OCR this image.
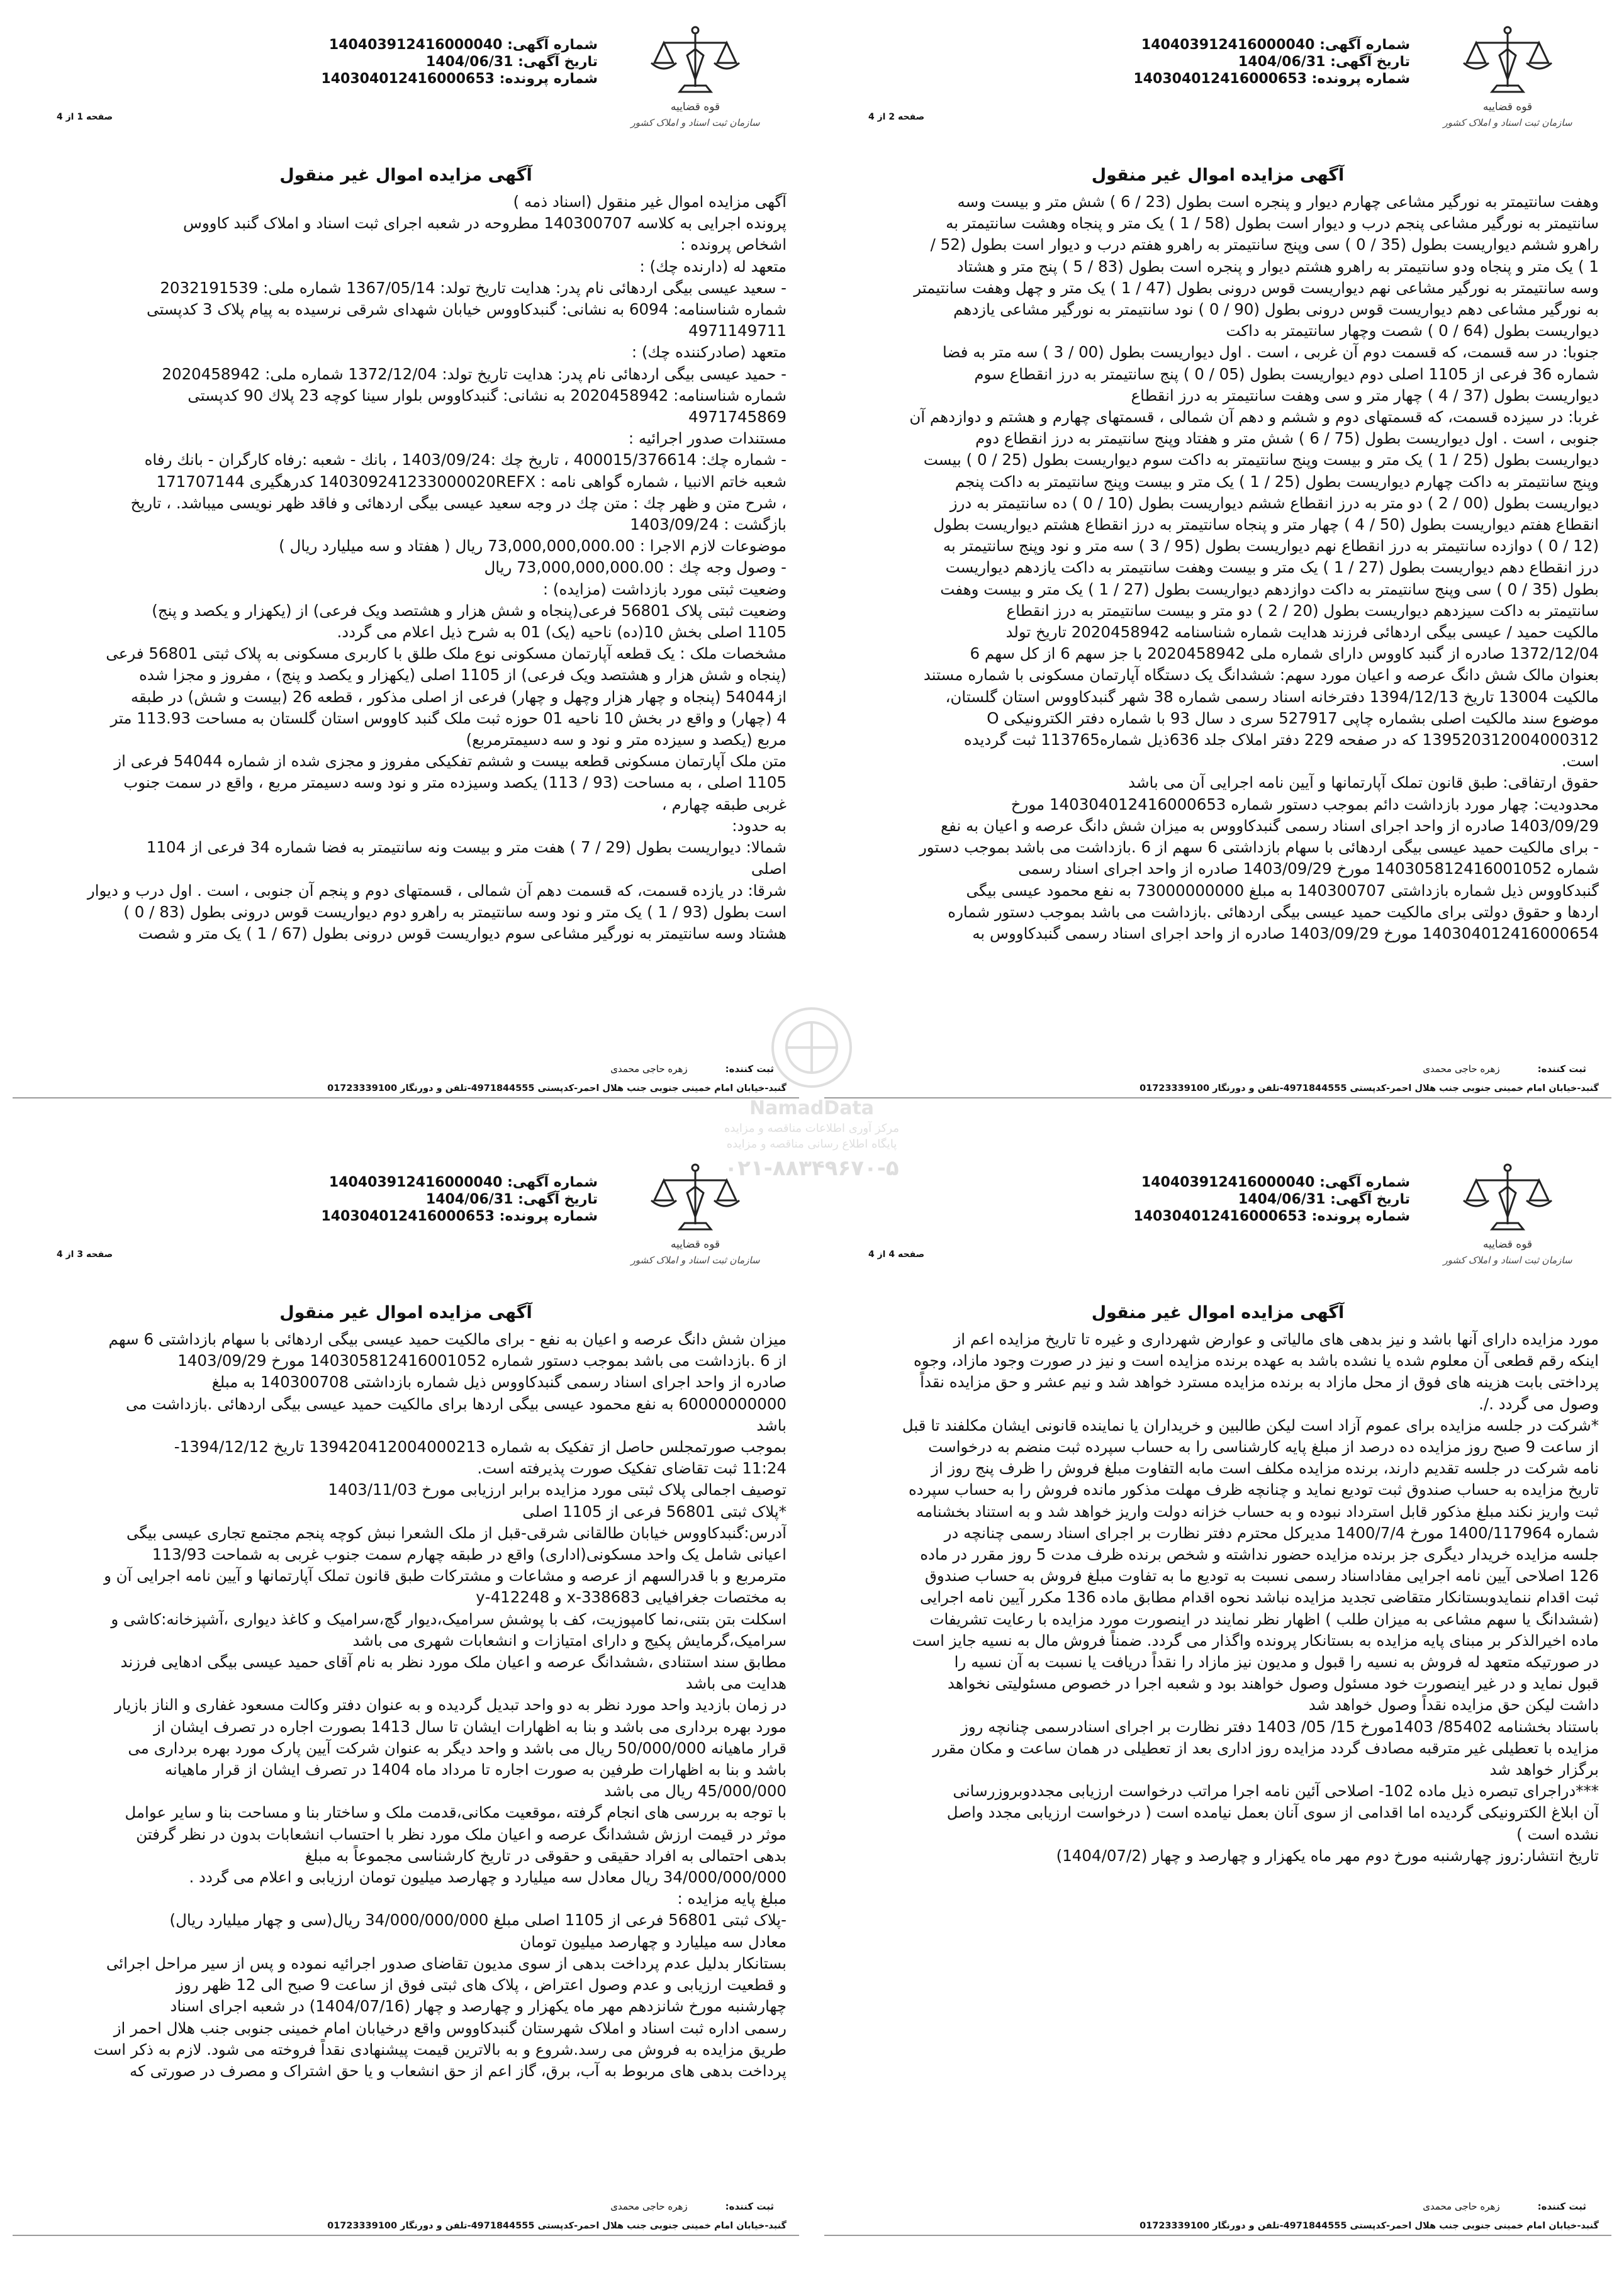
قوه قضاییه
سازمان ثبت اسناد و املاک کشور
شماره آگهی: 140403912416000040
تاریخ آگهی: 1404/06/31
شماره پرونده: 140304012416000653
صفحه 1 از 4
آگهی مزایده اموال غیر منقول
آگهی مزایده اموال غیر منقول (اسناد ذمه )
پرونده اجرایی به کلاسه 140300707 مطروحه در شعبه اجرای ثبت اسناد و املاک گنبد کاووس
اشخاص پرونده :
متعهد له (دارنده چك) :
- سعید عیسی بیگی اردهائی نام پدر: هدایت تاریخ تولد: 1367/05/14 شماره ملی: 2032191539
شماره شناسنامه: 6094 به نشانی: گنبدکاووس خیابان شهدای شرقی نرسیده به پیام پلاک 3 کدپستی
4971149711
متعهد (صادرکننده چك) :
- حمید عیسی بیگی اردهائی نام پدر: هدایت تاریخ تولد: 1372/12/04 شماره ملی: 2020458942
شماره شناسنامه: 2020458942 به نشانی: گنبدکاووس بلوار سینا کوچه 23 پلاك 90 کدپستی
4971745869
مستندات صدور اجرائیه :
- شماره چك: 400015/376614 ، تاریخ چك :1403/09/24 ، بانك - شعبه :رفاه کارگران - بانك رفاه
شعبه خاتم الانبیا ، شماره گواهی نامه : 140309241233000020REFX کدرهگیری 171707144
، شرح متن و ظهر چك : متن چك در وجه سعید عیسی بیگی اردهائی و فاقد ظهر نویسی میباشد. ، تاریخ
بازگشت : 1403/09/24
موضوعات لازم الاجرا : 73,000,000,000.00 ریال ( هفتاد و سه میلیارد ریال )
- وصول وجه چك : 73,000,000,000.00 ریال
وضعیت ثبتی مورد بازداشت (مزایده) :
وضعیت ثبتی پلاک 56801 فرعی(پنجاه و شش هزار و هشتصد ویک فرعی) از (یکهزار و یکصد و پنج)
1105 اصلی بخش 10(ده) ناحیه (یک) 01 به شرح ذیل اعلام می گردد.
مشخصات ملک : یک قطعه آپارتمان مسکونی نوع ملک طلق با کاربری مسکونی به پلاک ثبتی 56801 فرعی
(پنجاه و شش هزار و هشتصد ویک فرعی) از 1105 اصلی (یکهزار و یکصد و پنج) ، مفروز و مجزا شده
از54044 (پنجاه و چهار هزار وچهل و چهار) فرعی از اصلی مذکور ، قطعه 26 (بیست و شش) در طبقه
4 (چهار) و واقع در بخش 10 ناحیه 01 حوزه ثبت ملک گنبد کاووس استان گلستان به مساحت 113.93 متر
مربع (یکصد و سیزده متر و نود و سه دسیمترمربع)
متن ملک آپارتمان مسکونی قطعه بیست و ششم تفکیکی مفروز و مجزی شده از شماره 54044 فرعی از
1105 اصلی ، به مساحت (93 / 113) یکصد وسیزده متر و نود وسه دسیمتر مربع ، واقع در سمت جنوب
غربی طبقه چهارم ،
به حدود:
شمالا: دیواریست بطول (29 / 7 ) هفت متر و بیست ونه سانتیمتر به فضا شماره 34 فرعی از 1104
اصلی
شرقا: در یازده قسمت، که قسمت دهم آن شمالی ، قسمتهای دوم و پنجم آن جنوبی ، است . اول درب و دیوار
است بطول (93 / 1 ) یک متر و نود وسه سانتیمتر به راهرو دوم دیواریست قوس درونی بطول (83 / 0 )
هشتاد وسه سانتیمتر به نورگیر مشاعی سوم دیواریست قوس درونی بطول (67 / 1 ) یک متر و شصت
ثبت کننده:زهره حاجی محمدی
گنبد-خیابان امام خمینی جنوبی جنب هلال احمر-کدپستی 4971844555-تلفن و دورنگار 01723339100
قوه قضاییه
سازمان ثبت اسناد و املاک کشور
شماره آگهی: 140403912416000040
تاریخ آگهی: 1404/06/31
شماره پرونده: 140304012416000653
صفحه 2 از 4
آگهی مزایده اموال غیر منقول
وهفت سانتیمتر به نورگیر مشاعی چهارم دیوار و پنجره است بطول (23 / 6 ) شش متر و بیست وسه
سانتیمتر به نورگیر مشاعی پنجم درب و دیوار است بطول (58 / 1 ) یک متر و پنجاه وهشت سانتیمتر به
راهرو ششم دیواریست بطول (35 / 0 ) سی وپنج سانتیمتر به راهرو هفتم درب و دیوار است بطول (52 /
1 ) یک متر و پنجاه ودو سانتیمتر به راهرو هشتم دیوار و پنجره است بطول (83 / 5 ) پنج متر و هشتاد
وسه سانتیمتر به نورگیر مشاعی نهم دیواریست قوس درونی بطول (47 / 1 ) یک متر و چهل وهفت سانتیمتر
به نورگیر مشاعی دهم دیواریست قوس درونی بطول (90 / 0 ) نود سانتیمتر به نورگیر مشاعی یازدهم
دیواریست بطول (64 / 0 ) شصت وچهار سانتیمتر به داکت
جنوبا: در سه قسمت، که قسمت دوم آن غربی ، است . اول دیواریست بطول (00 / 3 ) سه متر به فضا
شماره 36 فرعی از 1105 اصلی دوم دیواریست بطول (05 / 0 ) پنج سانتیمتر به درز انقطاع سوم
دیواریست بطول (37 / 4 ) چهار متر و سی وهفت سانتیمتر به درز انقطاع
غربا: در سیزده قسمت، که قسمتهای دوم و ششم و دهم آن شمالی ، قسمتهای چهارم و هشتم و دوازدهم آن
جنوبی ، است . اول دیواریست بطول (75 / 6 ) شش متر و هفتاد وپنج سانتیمتر به درز انقطاع دوم
دیواریست بطول (25 / 1 ) یک متر و بیست وپنج سانتیمتر به داکت سوم دیواریست بطول (25 / 0 ) بیست
وپنج سانتیمتر به داکت چهارم دیواریست بطول (25 / 1 ) یک متر و بیست وپنج سانتیمتر به داکت پنجم
دیواریست بطول (00 / 2 ) دو متر به درز انقطاع ششم دیواریست بطول (10 / 0 ) ده سانتیمتر به درز
انقطاع هفتم دیواریست بطول (50 / 4 ) چهار متر و پنجاه سانتیمتر به درز انقطاع هشتم دیواریست بطول
(12 / 0 ) دوازده سانتیمتر به درز انقطاع نهم دیواریست بطول (95 / 3 ) سه متر و نود وپنج سانتیمتر به
درز انقطاع دهم دیواریست بطول (27 / 1 ) یک متر و بیست وهفت سانتیمتر به داکت یازدهم دیواریست
بطول (35 / 0 ) سی وپنج سانتیمتر به داکت دوازدهم دیواریست بطول (27 / 1 ) یک متر و بیست وهفت
سانتیمتر به داکت سیزدهم دیواریست بطول (20 / 2 ) دو متر و بیست سانتیمتر به درز انقطاع
مالکیت حمید / عیسی بیگی اردهائی فرزند هدایت شماره شناسنامه 2020458942 تاریخ تولد
1372/12/04 صادره از گنبد کاووس دارای شماره ملی 2020458942 با جز سهم 6 از کل سهم 6
بعنوان مالک شش دانگ عرصه و اعیان مورد سهم: ششدانگ یک دستگاه آپارتمان مسکونی با شماره مستند
مالکیت 13004 تاریخ 1394/12/13 دفترخانه اسناد رسمی شماره 38 شهر گنبدکاووس استان گلستان،
موضوع سند مالکیت اصلی بشماره چاپی 527917 سری د سال 93 با شماره دفتر الکترونیکی O
139520312004000312 که در صفحه 229 دفتر املاک جلد 636ذیل شماره113765 ثبت گردیده
است.
حقوق ارتفاقی: طبق قانون تملک آپارتمانها و آیین نامه اجرایی آن می باشد
محدودیت: چهار مورد بازداشت دائم بموجب دستور شماره 140304012416000653 مورخ
1403/09/29 صادره از واحد اجرای اسناد رسمی گنبدکاووس به میزان شش دانگ عرصه و اعیان به نفع
- برای مالکیت حمید عیسی بیگی اردهائی با سهام بازداشتی 6 سهم از 6 .بازداشت می باشد بموجب دستور
شماره 140305812416001052 مورخ 1403/09/29 صادره از واحد اجرای اسناد رسمی
گنبدکاووس ذیل شماره بازداشتی 140300707 به مبلغ 73000000000 به نفع محمود عیسی بیگی
اردها و حقوق دولتی برای مالکیت حمید عیسی بیگی اردهائی .بازداشت می باشد بموجب دستور شماره
140304012416000654 مورخ 1403/09/29 صادره از واحد اجرای اسناد رسمی گنبدکاووس به
ثبت کننده:زهره حاجی محمدی
گنبد-خیابان امام خمینی جنوبی جنب هلال احمر-کدپستی 4971844555-تلفن و دورنگار 01723339100
قوه قضاییه
سازمان ثبت اسناد و املاک کشور
شماره آگهی: 140403912416000040
تاریخ آگهی: 1404/06/31
شماره پرونده: 140304012416000653
صفحه 3 از 4
آگهی مزایده اموال غیر منقول
میزان شش دانگ عرصه و اعیان به نفع - برای مالکیت حمید عیسی بیگی اردهائی با سهام بازداشتی 6 سهم
از 6 .بازداشت می باشد بموجب دستور شماره 140305812416001052 مورخ 1403/09/29
صادره از واحد اجرای اسناد رسمی گنبدکاووس ذیل شماره بازداشتی 140300708 به مبلغ
60000000000 به نفع محمود عیسی بیگی اردها برای مالکیت حمید عیسی بیگی اردهائی .بازداشت می
باشد
بموجب صورتمجلس حاصل از تفکیک به شماره 139420412004000213 تاریخ 1394/12/12-
11:24 ثبت تقاضای تفکیک صورت پذیرفته است.
توصیف اجمالی پلاک ثبتی مورد مزایده برابر ارزیابی مورخ 1403/11/03
*پلاک ثبتی 56801 فرعی از 1105 اصلی
آدرس:گنبدکاووس خیابان طالقانی شرقی-قبل از ملک الشعرا نبش کوچه پنجم مجتمع تجاری عیسی بیگی
اعیانی شامل یک واحد مسکونی(اداری) واقع در طبقه چهارم سمت جنوب غربی به شماحت 113/93
مترمربع و با قدرالسهم از عرصه و مشاعات و مشترکات طبق قانون تملک آپارتمانها و آیین نامه اجرایی آن و
به مختصات جغرافیایی 338683-x و 412248-y
اسکلت بتن بتنی،نما کامپوزیت، کف با پوشش سرامیک،دیوار گچ،سرامیک و کاغذ دیواری ،آشپزخانه:کاشی و
سرامیک،گرمایش پکیج و دارای امتیازات و انشعابات شهری می باشد
مطابق سند استنادی ،ششدانگ عرصه و اعیان ملک مورد نظر به نام آقای حمید عیسی بیگی ادهایی فرزند
هدایت می باشد
در زمان بازدید واحد مورد نظر به دو واحد تبدیل گردیده و به عنوان دفتر وکالت مسعود غفاری و الناز بازیار
مورد بهره برداری می باشد و بنا به اظهارات ایشان تا سال 1413 بصورت اجاره در تصرف ایشان از
قرار ماهیانه 50/000/000 ریال می باشد و واحد دیگر به عنوان شرکت آیین پارک مورد بهره برداری می
باشد و بنا به اظهارات طرفین به صورت اجاره تا مرداد ماه 1404 در تصرف ایشان از قرار ماهیانه
45/000/000 ریال می باشد
با توجه به بررسی های انجام گرفته ،موقعیت مکانی،قدمت ملک و ساختار بنا و مساحت بنا و سایر عوامل
موثر در قیمت ارزش ششدانگ عرصه و اعیان ملک مورد نظر با احتساب انشعابات بدون در نظر گرفتن
بدهی احتمالی به افراد حقیقی و حقوقی در تاریخ کارشناسی مجموعاً به مبلغ
34/000/000/000 ریال معادل سه میلیارد و چهارصد میلیون تومان ارزیابی و اعلام می گردد .
مبلغ پایه مزایده :
-پلاک ثبتی 56801 فرعی از 1105 اصلی مبلغ 34/000/000/000 ریال(سی و چهار میلیارد ریال)
معادل سه میلیارد و چهارصد میلیون تومان
بستانکار بدلیل عدم پرداخت بدهی از سوی مدیون تقاضای صدور اجرائیه نموده و پس از سیر مراحل اجرائی
و قطعیت ارزیابی و عدم وصول اعتراض ، پلاک های ثبتی فوق از ساعت 9 صبح الی 12 ظهر روز
چهارشنبه مورخ شانزدهم مهر ماه یکهزار و چهارصد و چهار (1404/07/16) در شعبه اجرای اسناد
رسمی اداره ثبت اسناد و املاک شهرستان گنبدکاووس واقع درخیابان امام خمینی جنوبی جنب هلال احمر از
طریق مزایده به فروش می رسد.شروع و به بالاترین قیمت پیشنهادی نقداً فروخته می شود. لازم به ذکر است
پرداخت بدهی های مربوط به آب، برق، گاز اعم از حق انشعاب و یا حق اشتراک و مصرف در صورتی که
ثبت کننده:زهره حاجی محمدی
گنبد-خیابان امام خمینی جنوبی جنب هلال احمر-کدپستی 4971844555-تلفن و دورنگار 01723339100
قوه قضاییه
سازمان ثبت اسناد و املاک کشور
شماره آگهی: 140403912416000040
تاریخ آگهی: 1404/06/31
شماره پرونده: 140304012416000653
صفحه 4 از 4
آگهی مزایده اموال غیر منقول
مورد مزایده دارای آنها باشد و نیز بدهی های مالیاتی و عوارض شهرداری و غیره تا تاریخ مزایده اعم از
اینکه رقم قطعی آن معلوم شده یا نشده باشد به عهده برنده مزایده است و نیز در صورت وجود مازاد، وجوه
پرداختی بابت هزینه های فوق از محل مازاد به برنده مزایده مسترد خواهد شد و نیم عشر و حق مزایده نقداً
وصول می گردد ./.
*شرکت در جلسه مزایده برای عموم آزاد است لیکن طالبین و خریداران یا نماینده قانونی ایشان مکلفند تا قبل
از ساعت 9 صبح روز مزایده ده درصد از مبلغ پایه کارشناسی را به حساب سپرده ثبت منضم به درخواست
نامه شرکت در جلسه تقدیم دارند، برنده مزایده مکلف است مابه التفاوت مبلغ فروش را ظرف پنج روز از
تاریخ مزایده به حساب صندوق ثبت تودیع نماید و چنانچه ظرف مهلت مذکور مانده فروش را به حساب سپرده
ثبت واریز نکند مبلغ مذکور قابل استرداد نبوده و به حساب خزانه دولت واریز خواهد شد و به استناد بخشنامه
شماره 1400/117964 مورخ 1400/7/4 مدیرکل محترم دفتر نظارت بر اجرای اسناد رسمی چنانچه در
جلسه مزایده خریدار دیگری جز برنده مزایده حضور نداشته و شخص برنده ظرف مدت 5 روز مقرر در ماده
126 اصلاحی آیین نامه اجرایی مفاداسناد رسمی نسبت به تودیع ما به تفاوت مبلغ فروش به حساب صندوق
ثبت اقدام ننمایدوبستانکار متقاضی تجدید مزایده نباشد نحوه اقدام مطابق ماده 136 مکرر آیین نامه اجرایی
(ششدانگ یا سهم مشاعی به میزان طلب ) اظهار نظر نمایند در اینصورت مورد مزایده با رعایت تشریفات
ماده اخیرالذکر بر مبنای پایه مزایده به بستانکار پرونده واگذار می گردد. ضمناً فروش مال به نسیه جایز است
در صورتیکه متعهد له فروش به نسیه را قبول و مدیون نیز مازاد را نقداً دریافت یا نسبت به آن نسیه را
قبول نماید و در غیر اینصورت خود مسئول وصول خواهند بود و شعبه اجرا در خصوص مسئولیتی نخواهد
داشت لیکن حق مزایده نقداً وصول خواهد شد
باستناد بخشنامه 85402/ 1403مورخ 15/ 05/ 1403 دفتر نظارت بر اجرای اسنادرسمی چنانچه روز
مزایده با تعطیلی غیر مترقبه مصادف گردد مزایده روز اداری بعد از تعطیلی در همان ساعت و مکان مقرر
برگزار خواهد شد
***دراجرای تبصره ذیل ماده 102- اصلاحی آئین نامه اجرا مراتب درخواست ارزیابی مجددوبروزرسانی
آن ابلاغ الکترونیکی گردیده اما اقدامی از سوی آنان بعمل نیامده است ( درخواست ارزیابی مجدد واصل
نشده است )
تاریخ انتشار:روز چهارشنبه مورخ دوم مهر ماه یکهزار و چهارصد و چهار (1404/07/2)
ثبت کننده:زهره حاجی محمدی
گنبد-خیابان امام خمینی جنوبی جنب هلال احمر-کدپستی 4971844555-تلفن و دورنگار 01723339100
NamadData
مرکز آوری اطلاعات مناقصه و مزایده
پایگاه اطلاع رسانی مناقصه و مزایده
۰۲۱-۸۸۳۴۹۶۷۰-۵
